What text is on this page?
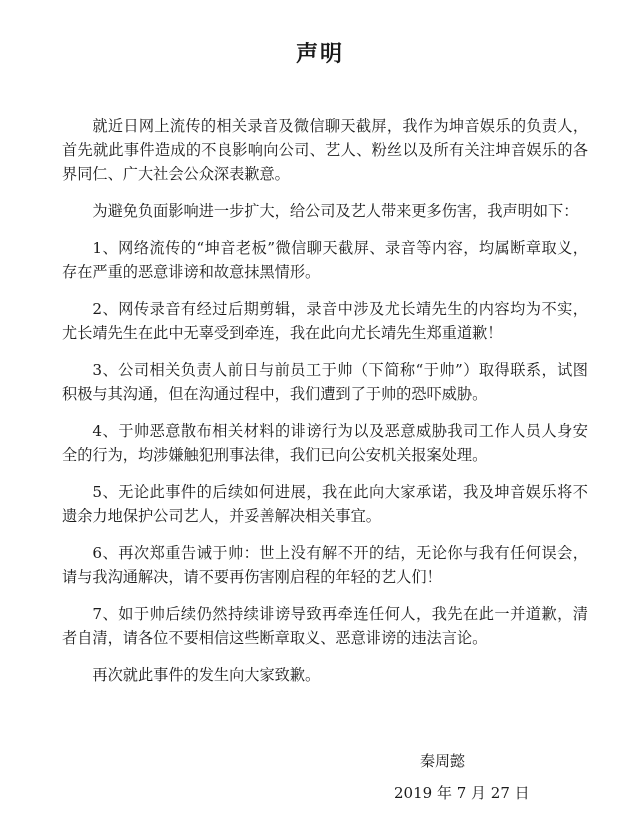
声明

就近日网上流传的相关录音及微信聊天截屏，我作为坤音娱乐的负责人，首先就此事件造成的不良影响向公司、艺人、粉丝以及所有关注坤音娱乐的各界同仁、广大社会公众深表歉意。

为避免负面影响进一步扩大，给公司及艺人带来更多伤害，我声明如下：

1、网络流传的“坤音老板”微信聊天截屏、录音等内容，均属断章取义，存在严重的恶意诽谤和故意抹黑情形。

2、网传录音有经过后期剪辑，录音中涉及尤长靖先生的内容均为不实，尤长靖先生在此中无辜受到牵连，我在此向尤长靖先生郑重道歉！

3、公司相关负责人前日与前员工于帅（下简称“于帅”）取得联系，试图积极与其沟通，但在沟通过程中，我们遭到了于帅的恐吓威胁。

4、于帅恶意散布相关材料的诽谤行为以及恶意威胁我司工作人员人身安全的行为，均涉嫌触犯刑事法律，我们已向公安机关报案处理。

5、无论此事件的后续如何进展，我在此向大家承诺，我及坤音娱乐将不遗余力地保护公司艺人，并妥善解决相关事宜。

6、再次郑重告诫于帅：世上没有解不开的结，无论你与我有任何误会，请与我沟通解决，请不要再伤害刚启程的年轻的艺人们！

7、如于帅后续仍然持续诽谤导致再牵连任何人，我先在此一并道歉，清者自清，请各位不要相信这些断章取义、恶意诽谤的违法言论。

再次就此事件的发生向大家致歉。

秦周懿
2019 年 7 月 27 日
